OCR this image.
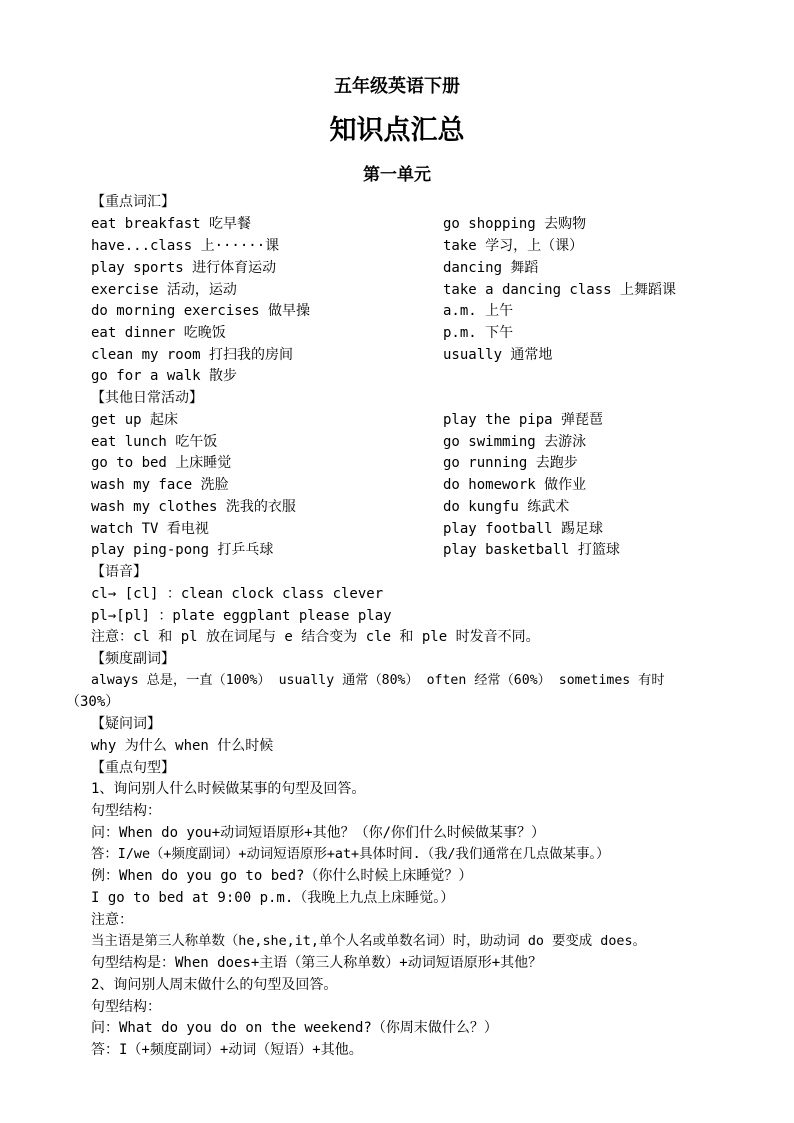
五年级英语下册
知识点汇总
第一单元
【重点词汇】
eat breakfast 吃早餐
have...class 上······课
play sports 进行体育运动
exercise 活动，运动
do morning exercises 做早操
eat dinner 吃晚饭
clean my room 打扫我的房间
go for a walk 散步
go shopping 去购物
take 学习，上（课）
dancing 舞蹈
take a dancing class 上舞蹈课
a.m. 上午
p.m. 下午
usually 通常地
【其他日常活动】
get up 起床
eat lunch 吃午饭
go to bed 上床睡觉
wash my face 洗脸
wash my clothes 洗我的衣服
watch TV 看电视
play ping-pong 打乒乓球
play the pipa 弹琵琶
go swimming 去游泳
go running 去跑步
do homework 做作业
do kungfu 练武术
play football 踢足球
play basketball 打篮球
【语音】
cl→ [cl] ：clean clock class clever
pl→[pl] ：plate eggplant please play
注意：cl 和 pl 放在词尾与 e 结合变为 cle 和 ple 时发音不同。
【频度副词】
always 总是，一直（100%） usually 通常（80%） often 经常（60%） sometimes 有时
（30%）
【疑问词】
why 为什么 when 什么时候
【重点句型】
1、询问别人什么时候做某事的句型及回答。
句型结构：
问：When do you+动词短语原形+其他？（你/你们什么时候做某事？）
答：I/we（+频度副词）+动词短语原形+at+具体时间.（我/我们通常在几点做某事。）
例：When do you go to bed?（你什么时候上床睡觉？）
I go to bed at 9:00 p.m.（我晚上九点上床睡觉。）
注意：
当主语是第三人称单数（he,she,it,单个人名或单数名词）时，助动词 do 要变成 does。
句型结构是：When does+主语（第三人称单数）+动词短语原形+其他？
2、询问别人周末做什么的句型及回答。
句型结构：
问：What do you do on the weekend?（你周末做什么？）
答：I（+频度副词）+动词（短语）+其他。
